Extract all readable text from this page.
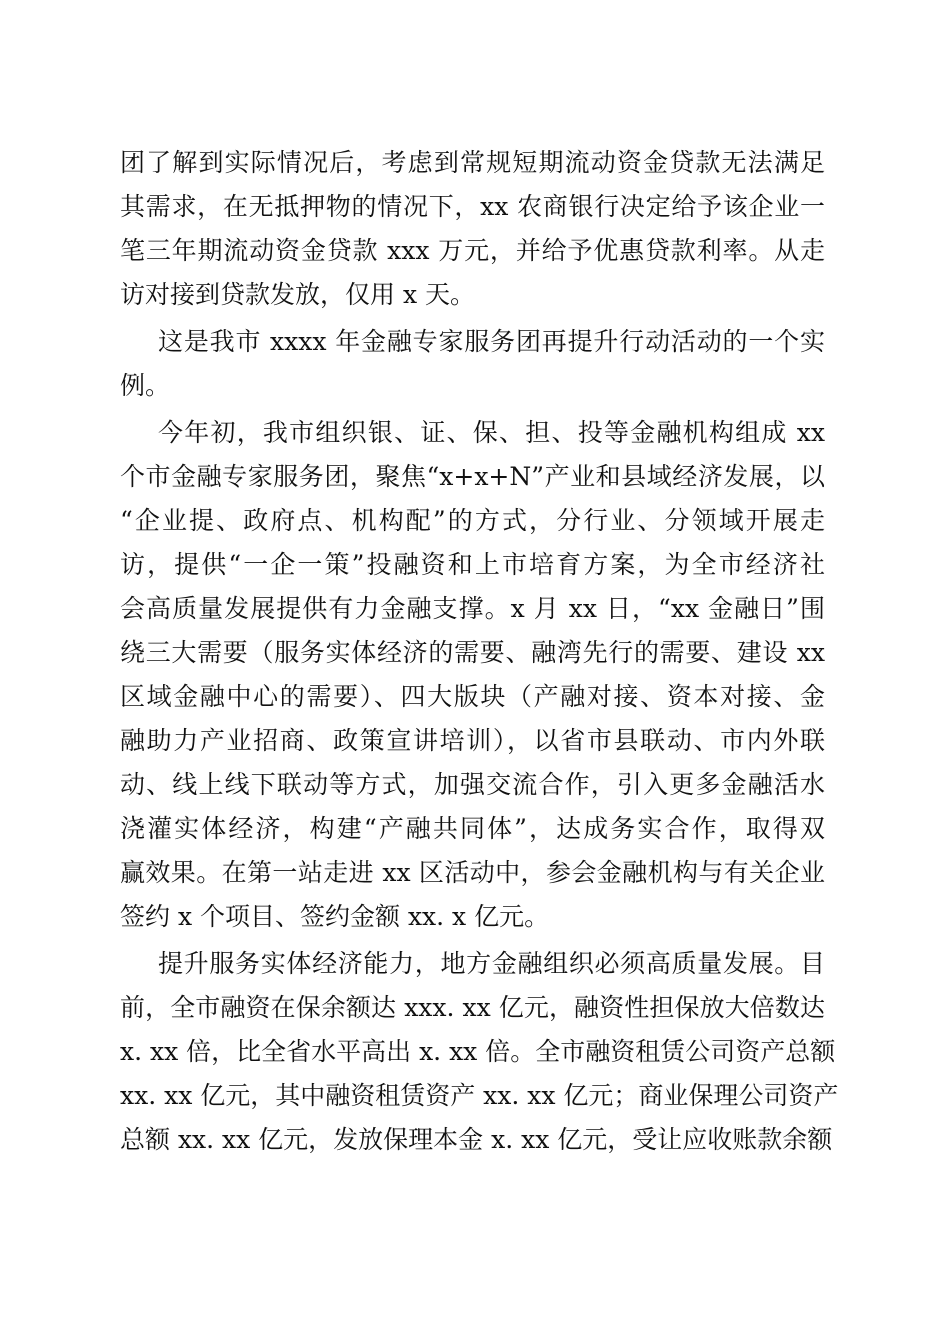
团了解到实际情况后，考虑到常规短期流动资金贷款无法满足
其需求，在无抵押物的情况下，xx 农商银行决定给予该企业一
笔三年期流动资金贷款 xxx 万元，并给予优惠贷款利率。从走
访对接到贷款发放，仅用 x 天。
这是我市 xxxx 年金融专家服务团再提升行动活动的一个实
例。
今年初，我市组织银、证、保、担、投等金融机构组成 xx
个市金融专家服务团，聚焦“x+x+N”产业和县域经济发展，以
“企业提、政府点、机构配”的方式，分行业、分领域开展走
访，提供“一企一策”投融资和上市培育方案，为全市经济社
会高质量发展提供有力金融支撑。x 月 xx 日，“xx 金融日”围
绕三大需要（服务实体经济的需要、融湾先行的需要、建设 xx
区域金融中心的需要）、四大版块（产融对接、资本对接、金
融助力产业招商、政策宣讲培训），以省市县联动、市内外联
动、线上线下联动等方式，加强交流合作，引入更多金融活水
浇灌实体经济，构建“产融共同体”，达成务实合作，取得双
赢效果。在第一站走进 xx 区活动中，参会金融机构与有关企业
签约 x 个项目、签约金额 xx. x 亿元。
提升服务实体经济能力，地方金融组织必须高质量发展。目
前，全市融资在保余额达 xxx. xx 亿元，融资性担保放大倍数达
x. xx 倍，比全省水平高出 x. xx 倍。全市融资租赁公司资产总额
xx. xx 亿元，其中融资租赁资产 xx. xx 亿元；商业保理公司资产
总额 xx. xx 亿元，发放保理本金 x. xx 亿元，受让应收账款余额
